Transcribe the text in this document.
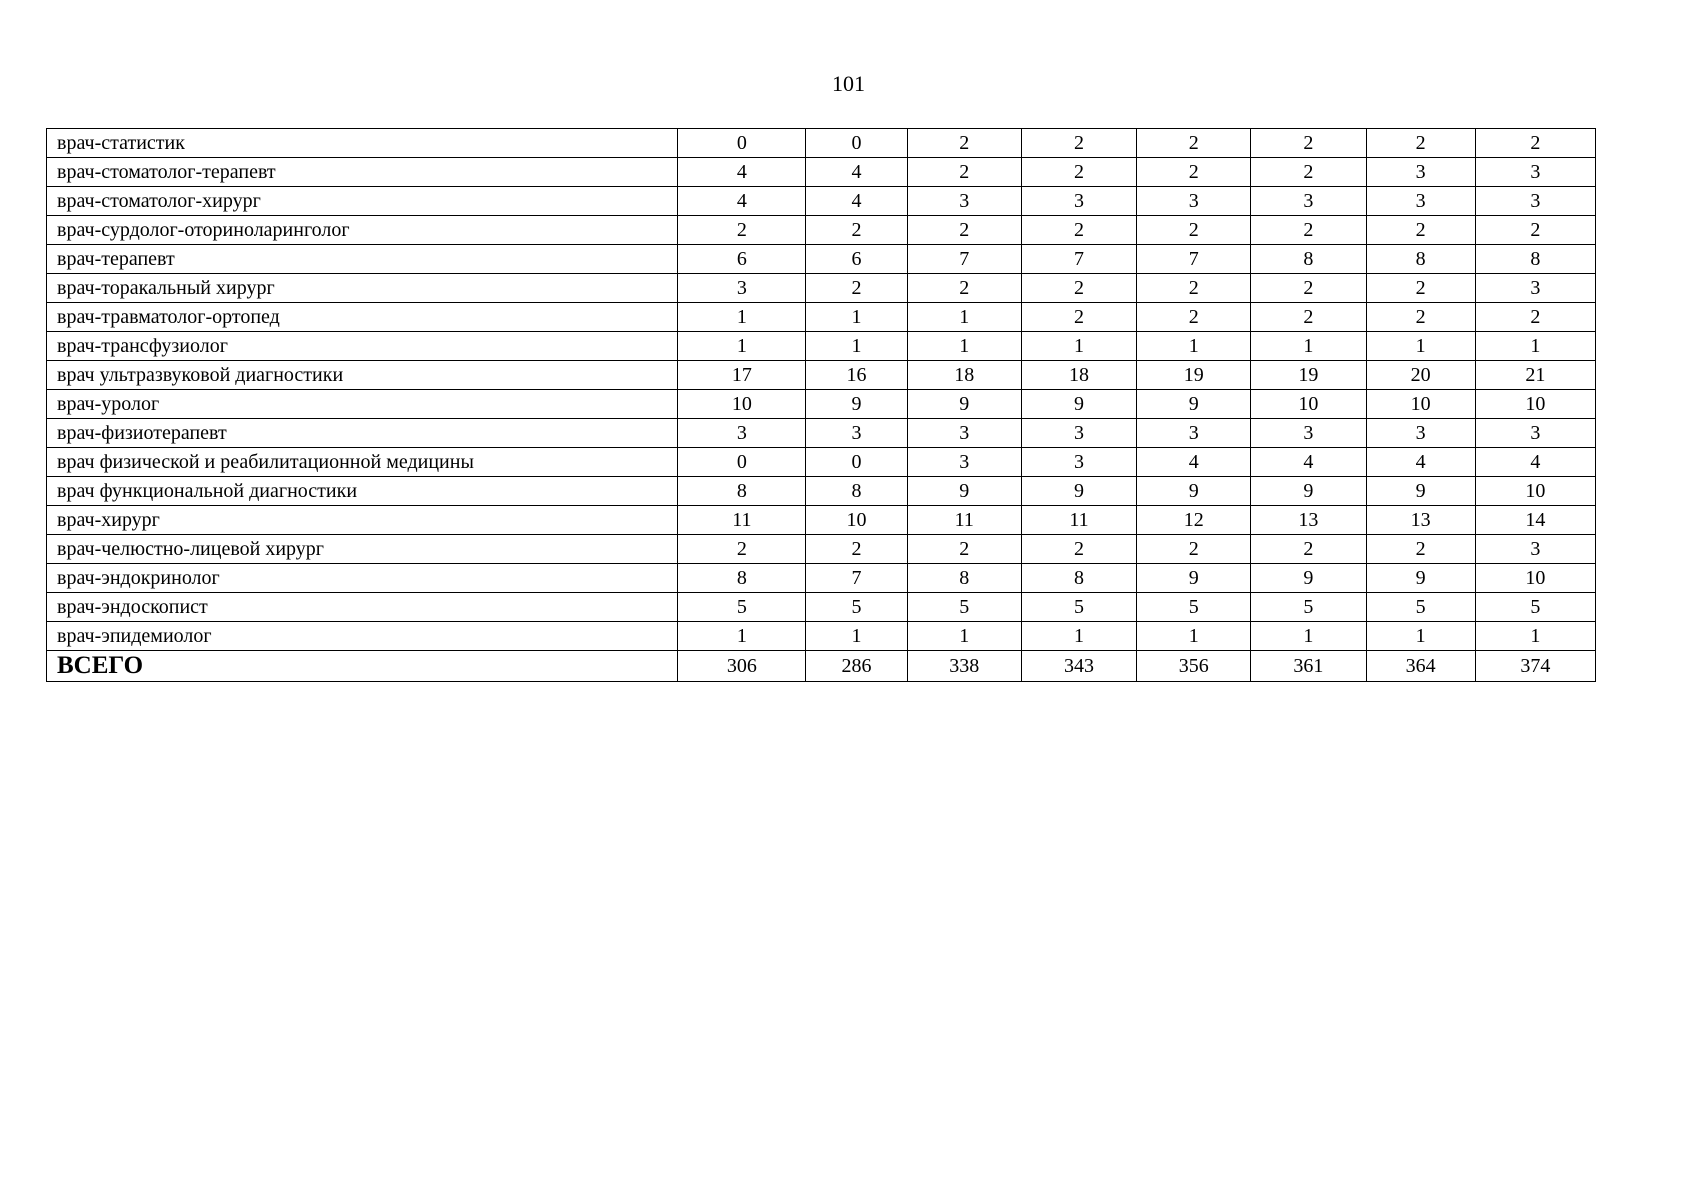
101
врач-статистик	0	0	2	2	2	2	2	2
врач-стоматолог-терапевт	4	4	2	2	2	2	3	3
врач-стоматолог-хирург	4	4	3	3	3	3	3	3
врач-сурдолог-оториноларинголог	2	2	2	2	2	2	2	2
врач-терапевт	6	6	7	7	7	8	8	8
врач-торакальный хирург	3	2	2	2	2	2	2	3
врач-травматолог-ортопед	1	1	1	2	2	2	2	2
врач-трансфузиолог	1	1	1	1	1	1	1	1
врач ультразвуковой диагностики	17	16	18	18	19	19	20	21
врач-уролог	10	9	9	9	9	10	10	10
врач-физиотерапевт	3	3	3	3	3	3	3	3
врач физической и реабилитационной медицины	0	0	3	3	4	4	4	4
врач функциональной диагностики	8	8	9	9	9	9	9	10
врач-хирург	11	10	11	11	12	13	13	14
врач-челюстно-лицевой хирург	2	2	2	2	2	2	2	3
врач-эндокринолог	8	7	8	8	9	9	9	10
врач-эндоскопист	5	5	5	5	5	5	5	5
врач-эпидемиолог	1	1	1	1	1	1	1	1
ВСЕГО	306	286	338	343	356	361	364	374
